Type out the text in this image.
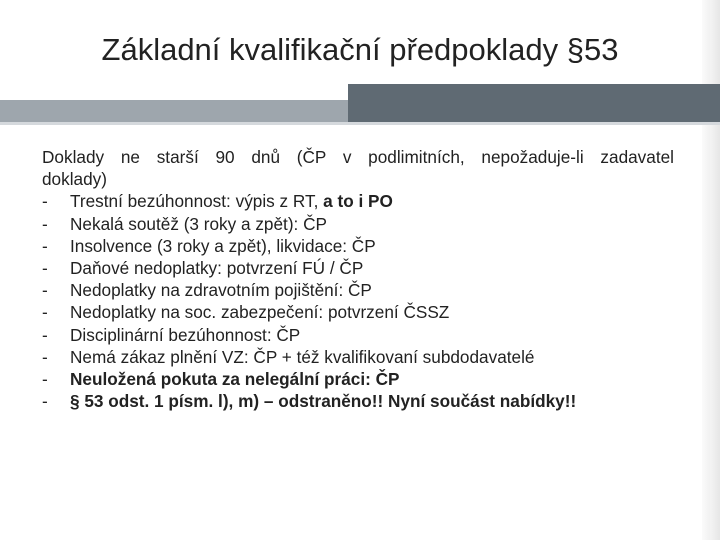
Základní kvalifikační předpoklady §53

Doklady ne starší 90 dnů (ČP v podlimitních, nepožaduje-li zadavatel
doklady)

-	Trestní bezúhonnost: výpis z RT, a to i PO
-	Nekalá soutěž (3 roky a zpět): ČP
-	Insolvence (3 roky a zpět), likvidace: ČP
-	Daňové nedoplatky: potvrzení FÚ / ČP
-	Nedoplatky na zdravotním pojištění: ČP
-	Nedoplatky na soc. zabezpečení: potvrzení ČSSZ
-	Disciplinární bezúhonnost: ČP
-	Nemá zákaz plnění VZ: ČP + též kvalifikovaní subdodavatelé
-	Neuložená pokuta za nelegální práci: ČP
-	§ 53 odst. 1 písm. l), m) – odstraněno!! Nyní součást nabídky!!
